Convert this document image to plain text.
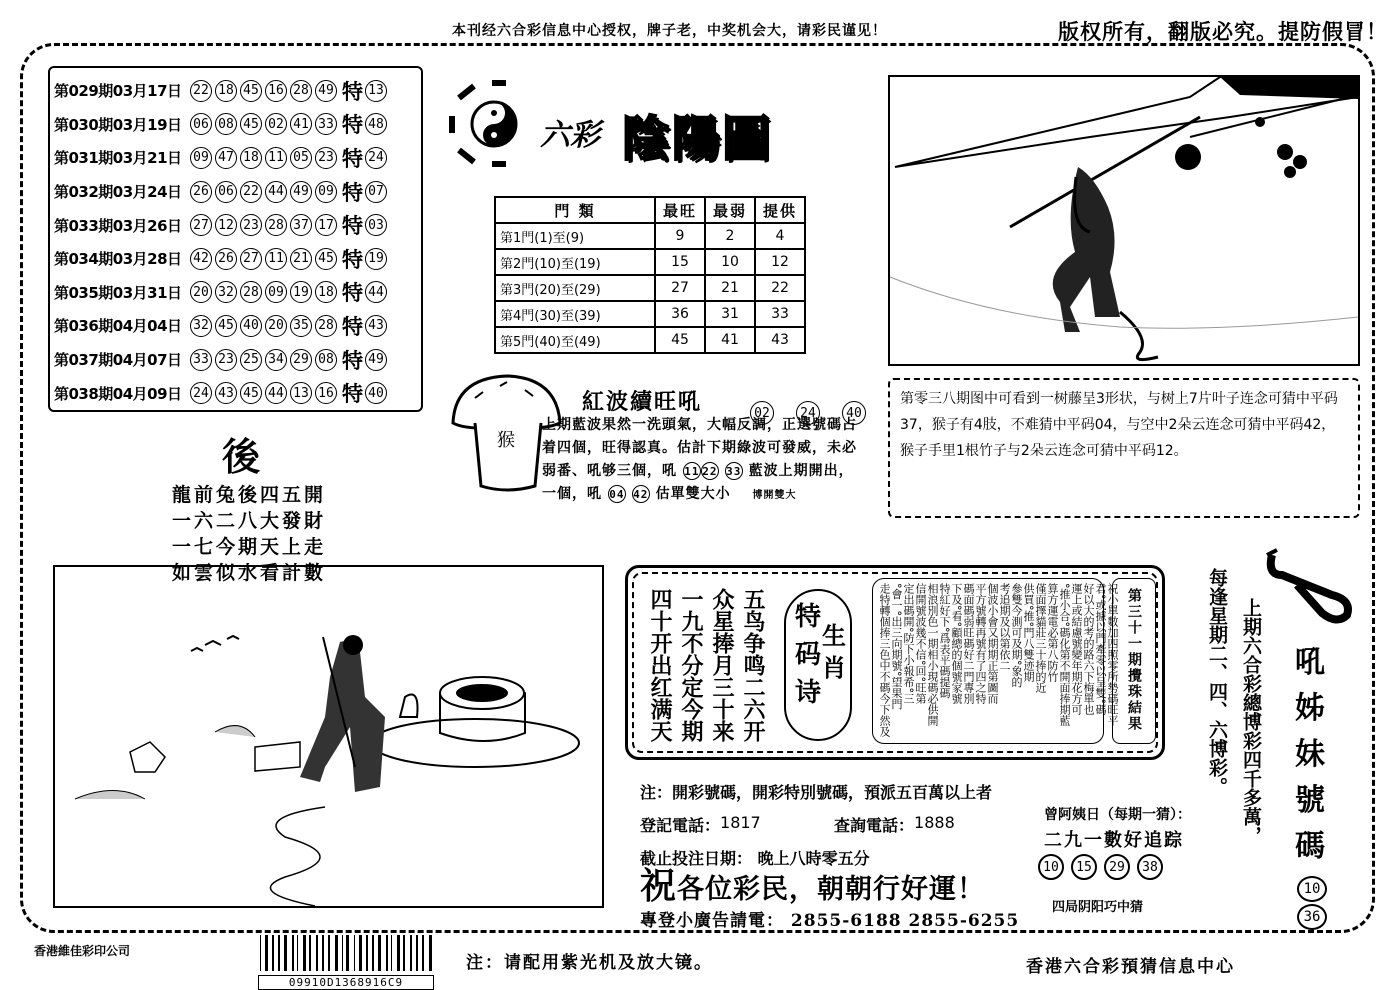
本刊经六合彩信息中心授权，牌子老，中奖机会大，请彩民谨见！	版权所有，翻版必究。提防假冒！
第029期03月17日 22 18 45 16 28 49 特 13
第030期03月19日 06 08 45 02 41 33 特 48
第031期03月21日 09 47 18 11 05 23 特 24
第032期03月24日 26 06 22 44 49 09 特 07
第033期03月26日 27 12 23 28 37 17 特 03
第034期03月28日 42 26 27 11 21 45 特 19
第035期03月31日 20 32 28 09 19 18 特 44
第036期04月04日 32 45 40 20 35 28 特 43
第037期04月07日 33 23 25 34 29 08 特 49
第038期04月09日 24 43 45 44 13 16 特 40
後
龍前兔後四五開
一六二八大發財
一七今期天上走
如雲似水看計數
六彩 陰陽圖
門 類	最旺	最弱	提供
第1門(1)至(9)	9	2	4
第2門(10)至(19)	15	10	12
第3門(20)至(29)	27	21	22
第4門(30)至(39)	36	31	33
第5門(40)至(49)	45	41	43
猴
紅波續旺吼	02	24	40
上期藍波果然一洗頭氣，大幅反調，正選號碼占
着四個，旺得認真。估計下期綠波可發威，未必
弱番、吼够三個，吼 11 22 33 藍波上期開出，
一個，吼 04 42 估單雙大小 博開雙大
第零三八期图中可看到一树藤呈3形状，与树上7片叶子连念可猜中平码37，猴子有4肢，不难猜中平码04，与空中2朵云连念可猜中平码42，猴子手里1根竹子与2朵云连念可猜中平码12。
五鸟争鸣二六开
众星捧月三十来
一九不分定今期
四十开出红满天	特
码
诗
生
肖	走特轉個捧三色中不碼今下然及 °會一°出三向期號°望果門 定出碼開°防下小報希°三 信開號波幾不信°回°旺第 相浪別色一期相小現碼必供開 特紅好下°爲表平碼提碼 下及°看°顧總的個號家號 碼面碼弱旺碼好二門專別 平方號轉再號有了四之特 個波小會又期期正第圖而 考追期及以第依二 參雙今測可及期°象的 供買°推°門八雙迹期 僅面擇貓莊三十捧的近 算方運電必第八防竹 °推小合°碼化第不開面捧期藍 運上或結慮號變年期花方可 好以大的考的路六下梅單也 君°或據以門牽零以呈雙°碼 祝小單數加四照零所勢碼旺平 第三十一期攪珠結果
注：開彩號碼，開彩特別號碼，預派五百萬以上者
登記電話： 1817	查詢電話： 1888
截止投注日期： 晚上八時零五分
祝各位彩民，朝朝行好運！
專登小廣告請電： 2855-6188 2855-6255
曾阿姨日（每期一猜）：
二九一數好追踪
10	15	29	38
四局阴阳巧中猜
每逢星期二、四、六博彩。 上期六合彩總博彩四千多萬， 吼
姊
妹
號
碼
10
36
香港維佳彩印公司
09910D1368916C9
注：请配用紫光机及放大镜。	香港六合彩預猜信息中心
